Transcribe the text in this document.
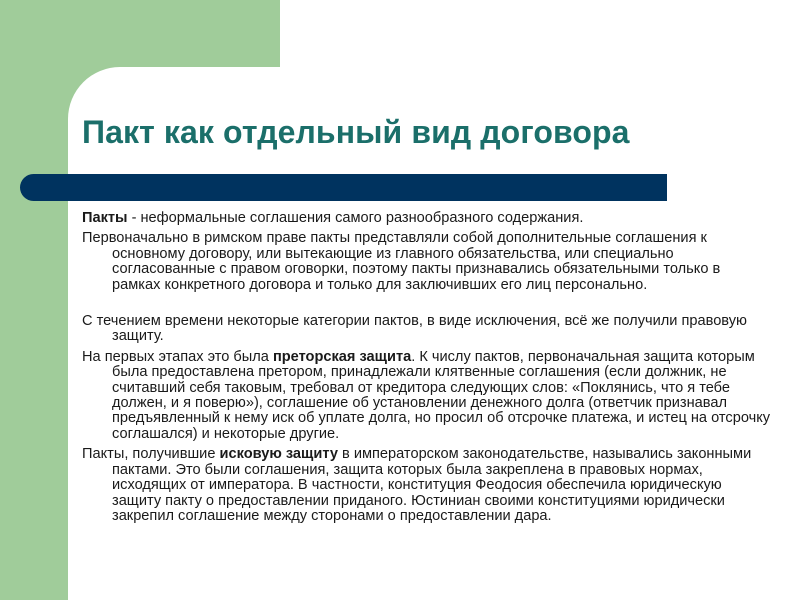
Пакт как отдельный вид договора

Пакты - неформальные соглашения самого разнообразного содержания.

Первоначально в римском праве пакты представляли собой дополнительные соглашения к основному договору, или вытекающие из главного обязательства, или специально согласованные с правом оговорки, поэтому пакты признавались обязательными только в рамках конкретного договора и только для заключивших его лиц персонально.

С течением времени некоторые категории пактов, в виде исключения, всё же получили правовую защиту.

На первых этапах это была преторская защита. К числу пактов, первоначальная защита которым была предоставлена претором, принадлежали клятвенные соглашения (если должник, не считавший себя таковым, требовал от кредитора следующих слов: «Поклянись, что я тебе должен, и я поверю»), соглашение об установлении денежного долга (ответчик признавал предъявленный к нему иск об уплате долга, но просил об отсрочке платежа, и истец на отсрочку соглашался) и некоторые другие.

Пакты, получившие исковую защиту в императорском законодательстве, назывались законными пактами. Это были соглашения, защита которых была закреплена в правовых нормах, исходящих от императора. В частности, конституция Феодосия обеспечила юридическую защиту пакту о предоставлении приданого. Юстиниан своими конституциями юридически закрепил соглашение между сторонами о предоставлении дара.
